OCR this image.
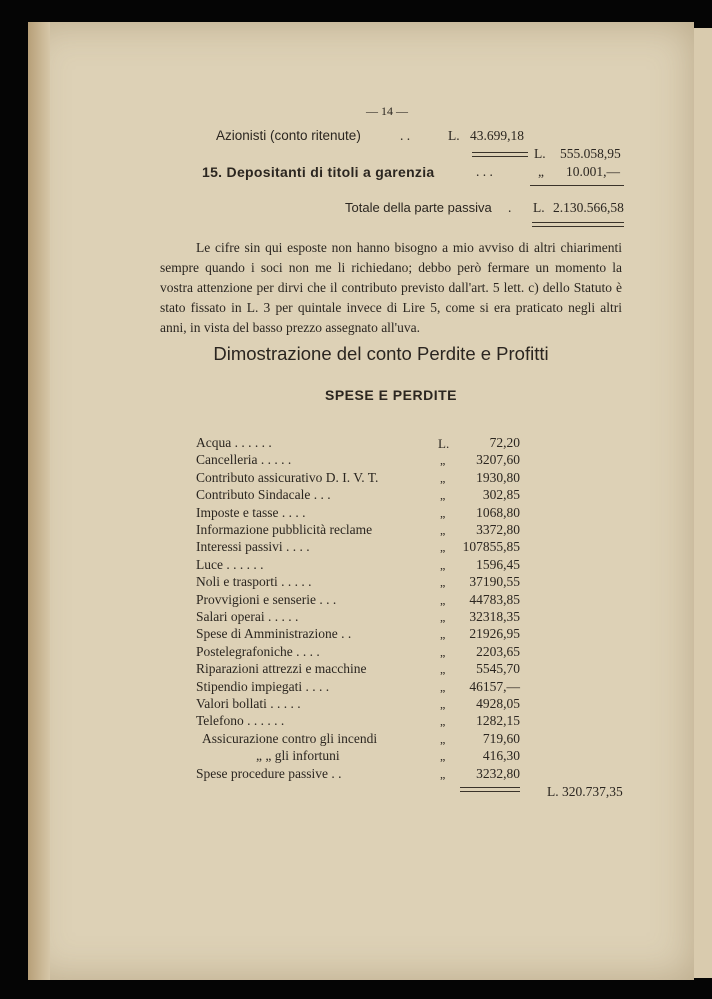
— 14 —
Azionisti (conto ritenute)	. .	L. 43.699,18
L. 555.058,95
15. Depositanti di titoli a garenzia	. . .	„ 10.001,—
Totale della parte passiva . L. 2.130.566,58
Le cifre sin qui esposte non hanno bisogno a mio avviso di altri chiarimenti sempre quando i soci non me li richiedano; debbo però fermare un momento la vostra attenzione per dirvi che il contributo previsto dall'art. 5 lett. c) dello Statuto è stato fissato in L. 3 per quintale invece di Lire 5, come si era praticato negli altri anni, in vista del basso prezzo assegnato all'uva.
Dimostrazione del conto Perdite e Profitti
SPESE E PERDITE
Acqua . . . . . .	L.	72,20
Cancelleria . . . . .	„	3207,60
Contributo assicurativo D. I. V. T.	„	1930,80
Contributo Sindacale . . .	„	302,85
Imposte e tasse . . . .	„	1068,80
Informazione pubblicità reclame	„	3372,80
Interessi passivi . . . .	„	107855,85
Luce . . . . . .	„	1596,45
Noli e trasporti . . . . .	„	37190,55
Provvigioni e senserie . . .	„	44783,85
Salari operai . . . . .	„	32318,35
Spese di Amministrazione . .	„	21926,95
Postelegrafoniche . . . .	„	2203,65
Riparazioni attrezzi e macchine	„	5545,70
Stipendio impiegati . . . .	„	46157,—
Valori bollati . . . . .	„	4928,05
Telefono . . . . . .	„	1282,15
Assicurazione contro gli incendi	„	719,60
„ „ gli infortuni	„	416,30
Spese procedure passive . .	„	3232,80
L. 320.737,35
